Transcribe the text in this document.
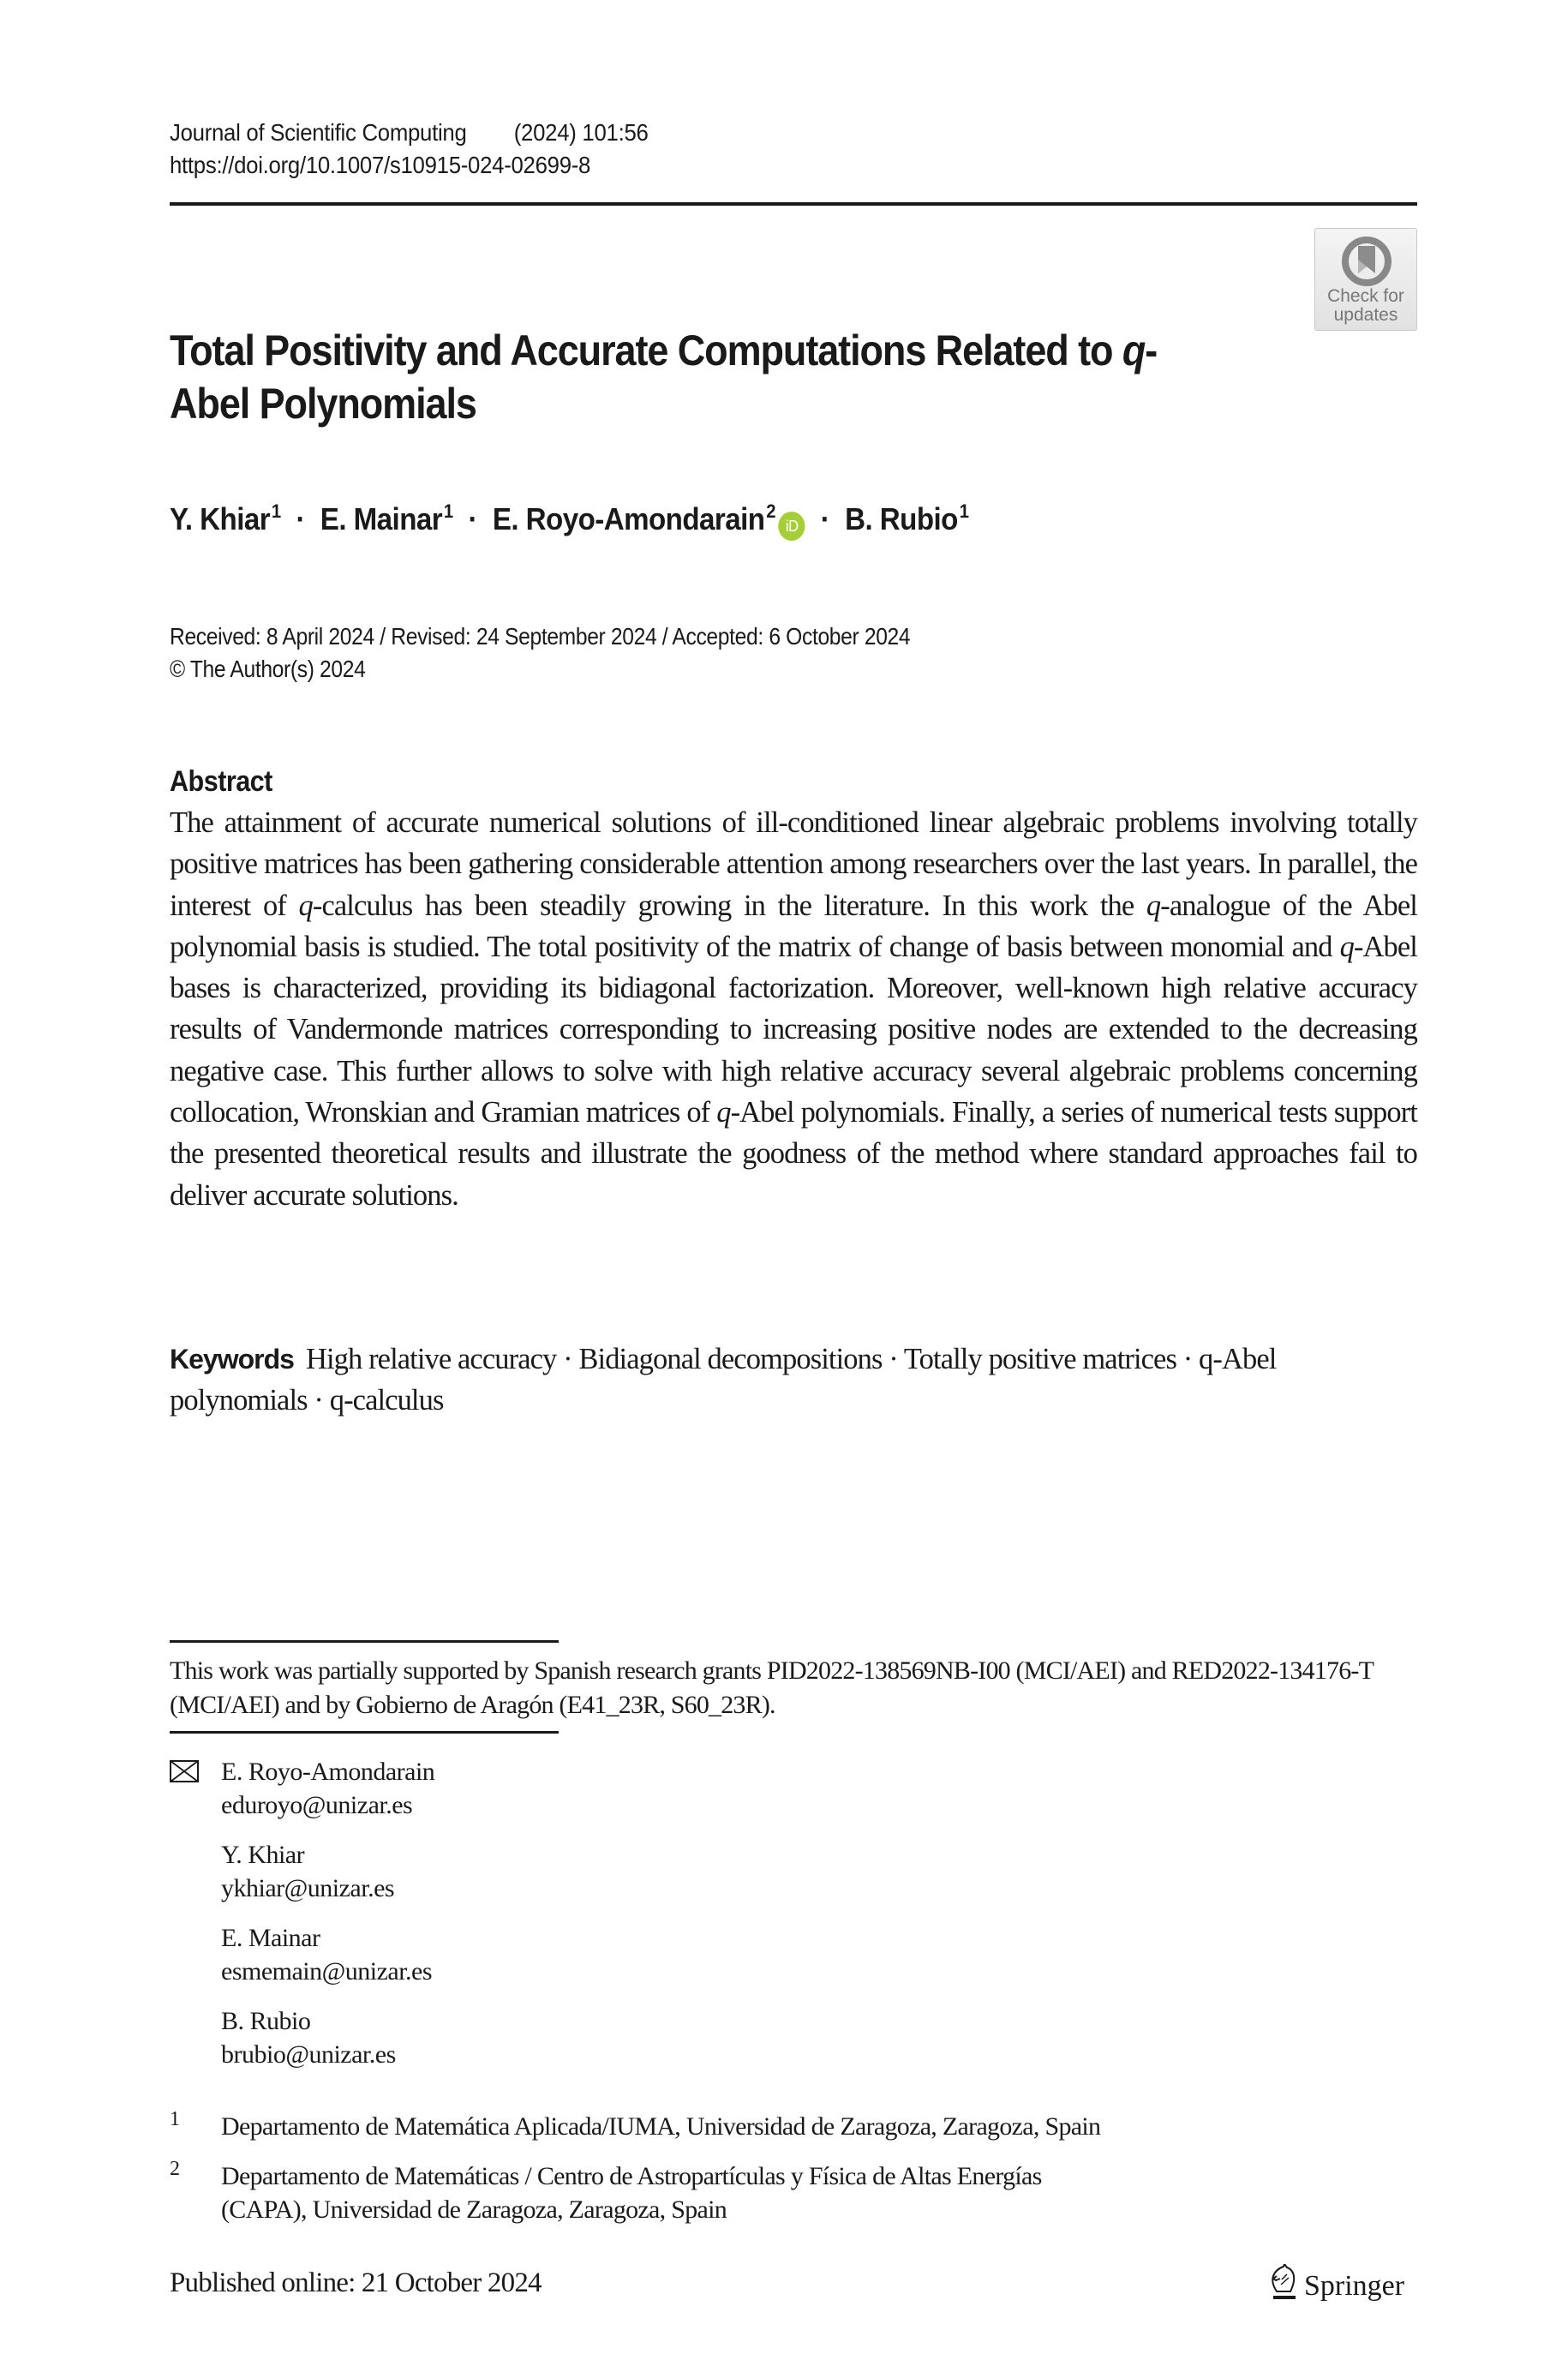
Journal of Scientific Computing (2024) 101:56
https://doi.org/10.1007/s10915-024-02699-8
Check for
updates
Total Positivity and Accurate Computations Related to q-Abel Polynomials
Y. Khiar$^1$ · E. Mainar$^1$ · E. Royo-Amondarain$^2$iD · B. Rubio$^1$
Received: 8 April 2024 / Revised: 24 September 2024 / Accepted: 6 October 2024
© The Author(s) 2024
Abstract
The attainment of accurate numerical solutions of ill-conditioned linear algebraic problems involving totally positive matrices has been gathering considerable attention among researchers over the last years. In parallel, the interest of q-calculus has been steadily growing in the literature. In this work the q-analogue of the Abel polynomial basis is studied. The total positivity of the matrix of change of basis between monomial and q-Abel bases is characterized, providing its bidiagonal factorization. Moreover, well-known high relative accuracy results of Vandermonde matrices corresponding to increasing positive nodes are extended to the decreasing negative case. This further allows to solve with high relative accuracy several algebraic problems concerning collocation, Wronskian and Gramian matrices of q-Abel polynomials. Finally, a series of numerical tests support the presented theoretical results and illustrate the goodness of the method where standard approaches fail to deliver accurate solutions.
Keywords High relative accuracy · Bidiagonal decompositions · Totally positive matrices · q-Abel polynomials · q-calculus
This work was partially supported by Spanish research grants PID2022-138569NB-I00 (MCI/AEI) and RED2022-134176-T (MCI/AEI) and by Gobierno de Aragón (E41_23R, S60_23R).
E. Royo-Amondarain
eduroyo@unizar.es
Y. Khiar
ykhiar@unizar.es
E. Mainar
esmemain@unizar.es
B. Rubio
brubio@unizar.es
1 Departamento de Matemática Aplicada/IUMA, Universidad de Zaragoza, Zaragoza, Spain
2 Departamento de Matemáticas / Centro de Astropartículas y Física de Altas Energías (CAPA), Universidad de Zaragoza, Zaragoza, Spain
Published online: 21 October 2024	Springer
